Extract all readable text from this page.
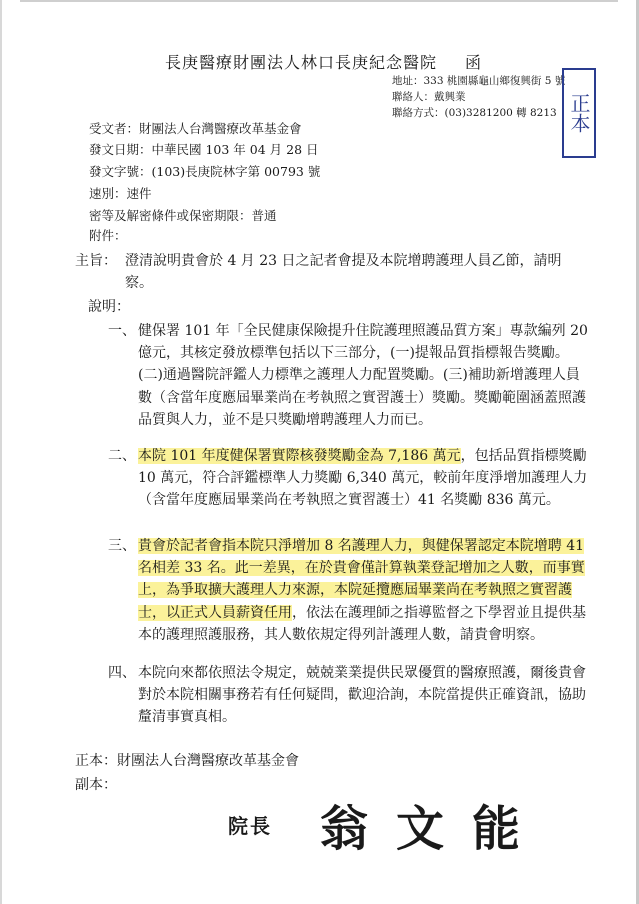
長庚醫療財團法人林口長庚紀念醫院 函
地址：333 桃園縣龜山鄉復興街 5 號
聯絡人：戴興業
聯絡方式：(03)3281200 轉 8213 正本
受文者：財團法人台灣醫療改革基金會
發文日期：中華民國 103 年 04 月 28 日
發文字號：(103)長庚院林字第 00793 號
速別：速件
密等及解密條件或保密期限：普通
附件：
主旨： 澄清說明貴會於 4 月 23 日之記者會提及本院增聘護理人員乙節，請明察。
說明：
一、 健保署 101 年「全民健康保險提升住院護理照護品質方案」專款編列 20 億元，其核定發放標準包括以下三部分，(一)提報品質指標報告獎勵。(二)通過醫院評鑑人力標準之護理人力配置獎勵。(三)補助新增護理人員數（含當年度應屆畢業尚在考執照之實習護士）獎勵。獎勵範圍涵蓋照護品質與人力，並不是只獎勵增聘護理人力而已。
二、 本院 101 年度健保署實際核發獎勵金為 7,186 萬元，包括品質指標獎勵 10 萬元，符合評鑑標準人力獎勵 6,340 萬元，較前年度淨增加護理人力（含當年度應屆畢業尚在考執照之實習護士）41 名獎勵 836 萬元。
三、 貴會於記者會指本院只淨增加 8 名護理人力，與健保署認定本院增聘 41 名相差 33 名。此一差異，在於貴會僅計算執業登記增加之人數，而事實上，為爭取擴大護理人力來源，本院延攬應屆畢業尚在考執照之實習護士，以正式人員薪資任用，依法在護理師之指導監督之下學習並且提供基本的護理照護服務，其人數依規定得列計護理人數，請貴會明察。
四、 本院向來都依照法令規定，兢兢業業提供民眾優質的醫療照護，爾後貴會對於本院相關事務若有任何疑問，歡迎洽詢，本院當提供正確資訊，協助釐清事實真相。
正本：財團法人台灣醫療改革基金會
副本：
院長 翁文能
